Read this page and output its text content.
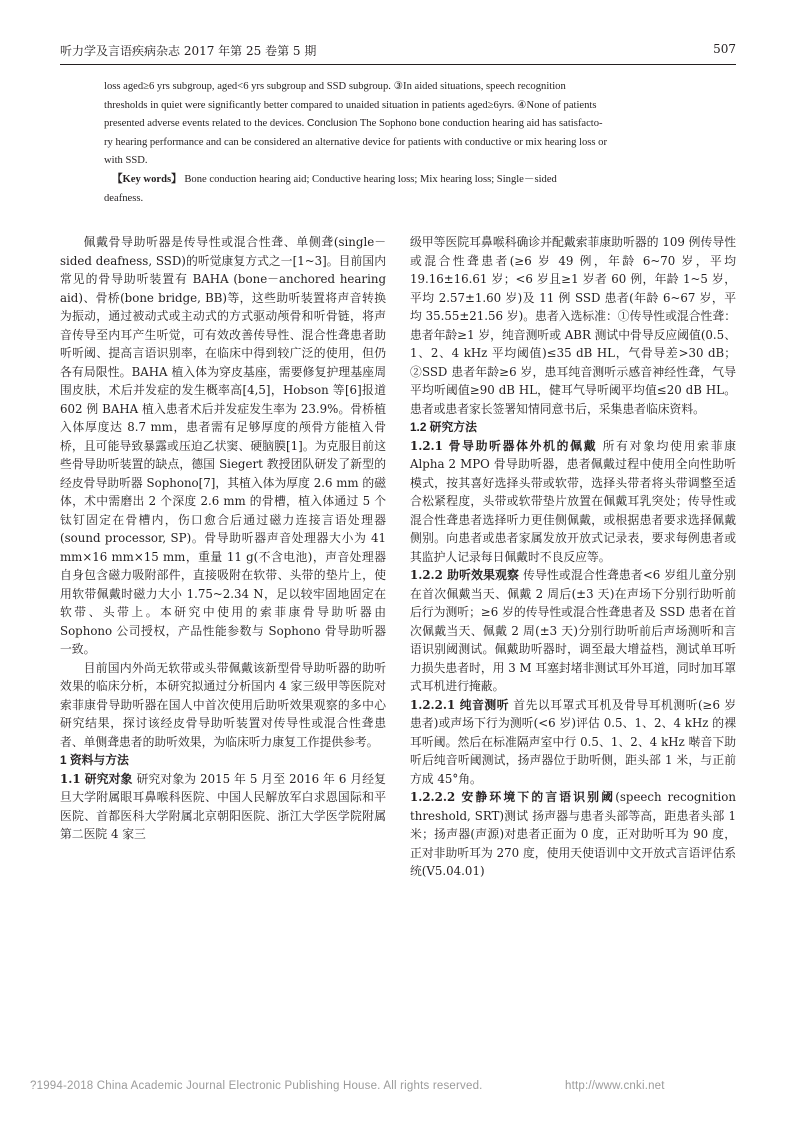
听力学及言语疾病杂志 2017 年第 25 卷第 5 期	507
loss aged≥6 yrs subgroup, aged<6 yrs subgroup and SSD subgroup. ③In aided situations, speech recognition
thresholds in quiet were significantly better compared to unaided situation in patients aged≥6yrs. ④None of patients
presented adverse events related to the devices. Conclusion The Sophono bone conduction hearing aid has satisfacto-
ry hearing performance and can be considered an alternative device for patients with conductive or mix hearing loss or
with SSD.
【Key words】 Bone conduction hearing aid; Conductive hearing loss; Mix hearing loss; Single－sided
deafness.

佩戴骨导助听器是传导性或混合性聋、单侧聋(single－sided deafness, SSD)的听觉康复方式之一[1~3]。目前国内常见的骨导助听装置有 BAHA (bone－anchored hearing aid)、骨桥(bone bridge, BB)等，这些助听装置将声音转换为振动，通过被动式或主动式的方式驱动颅骨和听骨链，将声音传导至内耳产生听觉，可有效改善传导性、混合性聋患者助听听阈、提高言语识别率，在临床中得到较广泛的使用，但仍各有局限性。BAHA 植入体为穿皮基座，需要修复护理基座周围皮肤，术后并发症的发生概率高[4,5]，Hobson 等[6]报道 602 例 BAHA 植入患者术后并发症发生率为 23.9%。骨桥植入体厚度达 8.7 mm，患者需有足够厚度的颅骨方能植入骨桥，且可能导致暴露或压迫乙状窦、硬脑膜[1]。为克服目前这些骨导助听装置的缺点，德国 Siegert 教授团队研发了新型的经皮骨导助听器 Sophono[7]，其植入体为厚度 2.6 mm 的磁体，术中需磨出 2 个深度 2.6 mm 的骨槽，植入体通过 5 个钛钉固定在骨槽内，伤口愈合后通过磁力连接言语处理器(sound processor, SP)。骨导助听器声音处理器大小为 41 mm×16 mm×15 mm，重量 11 g(不含电池)，声音处理器自身包含磁力吸附部件，直接吸附在软带、头带的垫片上，使用软带佩戴时磁力大小 1.75~2.34 N，足以较牢固地固定在软带、头带上。本研究中使用的索菲康骨导助听器由 Sophono 公司授权，产品性能参数与 Sophono 骨导助听器一致。

目前国内外尚无软带或头带佩戴该新型骨导助听器的助听效果的临床分析，本研究拟通过分析国内 4 家三级甲等医院对索菲康骨导助听器在国人中首次使用后助听效果观察的多中心研究结果，探讨该经皮骨导助听装置对传导性或混合性聋患者、单侧聋患者的助听效果，为临床听力康复工作提供参考。

1 资料与方法

1.1 研究对象 研究对象为 2015 年 5 月至 2016 年 6 月经复旦大学附属眼耳鼻喉科医院、中国人民解放军白求恩国际和平医院、首都医科大学附属北京朝阳医院、浙江大学医学院附属第二医院 4 家三

级甲等医院耳鼻喉科确诊并配戴索菲康助听器的 109 例传导性或混合性聋患者(≥6 岁 49 例，年龄 6~70 岁，平均 19.16±16.61 岁；<6 岁且≥1 岁者 60 例，年龄 1~5 岁，平均 2.57±1.60 岁)及 11 例 SSD 患者(年龄 6~67 岁，平均 35.55±21.56 岁)。患者入选标准：①传导性或混合性聋：患者年龄≥1 岁，纯音测听或 ABR 测试中骨导反应阈值(0.5、1、2、4 kHz 平均阈值)≤35 dB HL，气骨导差>30 dB；②SSD 患者年龄≥6 岁，患耳纯音测听示感音神经性聋，气导平均听阈值≥90 dB HL，健耳气导听阈平均值≤20 dB HL。患者或患者家长签署知情同意书后，采集患者临床资料。

1.2 研究方法

1.2.1 骨导助听器体外机的佩戴 所有对象均使用索菲康 Alpha 2 MPO 骨导助听器，患者佩戴过程中使用全向性助听模式，按其喜好选择头带或软带，选择头带者将头带调整至适合松紧程度，头带或软带垫片放置在佩戴耳乳突处；传导性或混合性聋患者选择听力更佳侧佩戴，或根据患者要求选择佩戴侧别。向患者或患者家属发放开放式记录表，要求每例患者或其监护人记录每日佩戴时不良反应等。

1.2.2 助听效果观察 传导性或混合性聋患者<6 岁组儿童分别在首次佩戴当天、佩戴 2 周后(±3 天)在声场下分别行助听前后行为测听；≥6 岁的传导性或混合性聋患者及 SSD 患者在首次佩戴当天、佩戴 2 周(±3 天)分别行助听前后声场测听和言语识别阈测试。佩戴助听器时，调至最大增益档，测试单耳听力损失患者时，用 3 M 耳塞封堵非测试耳外耳道，同时加耳罩式耳机进行掩蔽。

1.2.2.1 纯音测听 首先以耳罩式耳机及骨导耳机测听(≥6 岁患者)或声场下行为测听(<6 岁)评估 0.5、1、2、4 kHz 的裸耳听阈。然后在标准隔声室中行 0.5、1、2、4 kHz 啭音下助听后纯音听阈测试，扬声器位于助听侧，距头部 1 米，与正前方成 45°角。

1.2.2.2 安静环境下的言语识别阈(speech recognition threshold, SRT)测试 扬声器与患者头部等高，距患者头部 1 米；扬声器(声源)对患者正面为 0 度，正对助听耳为 90 度，正对非助听耳为 270 度，使用天使语训中文开放式言语评估系统(V5.04.01)

?1994-2018 China Academic Journal Electronic Publishing House. All rights reserved.	http://www.cnki.net
